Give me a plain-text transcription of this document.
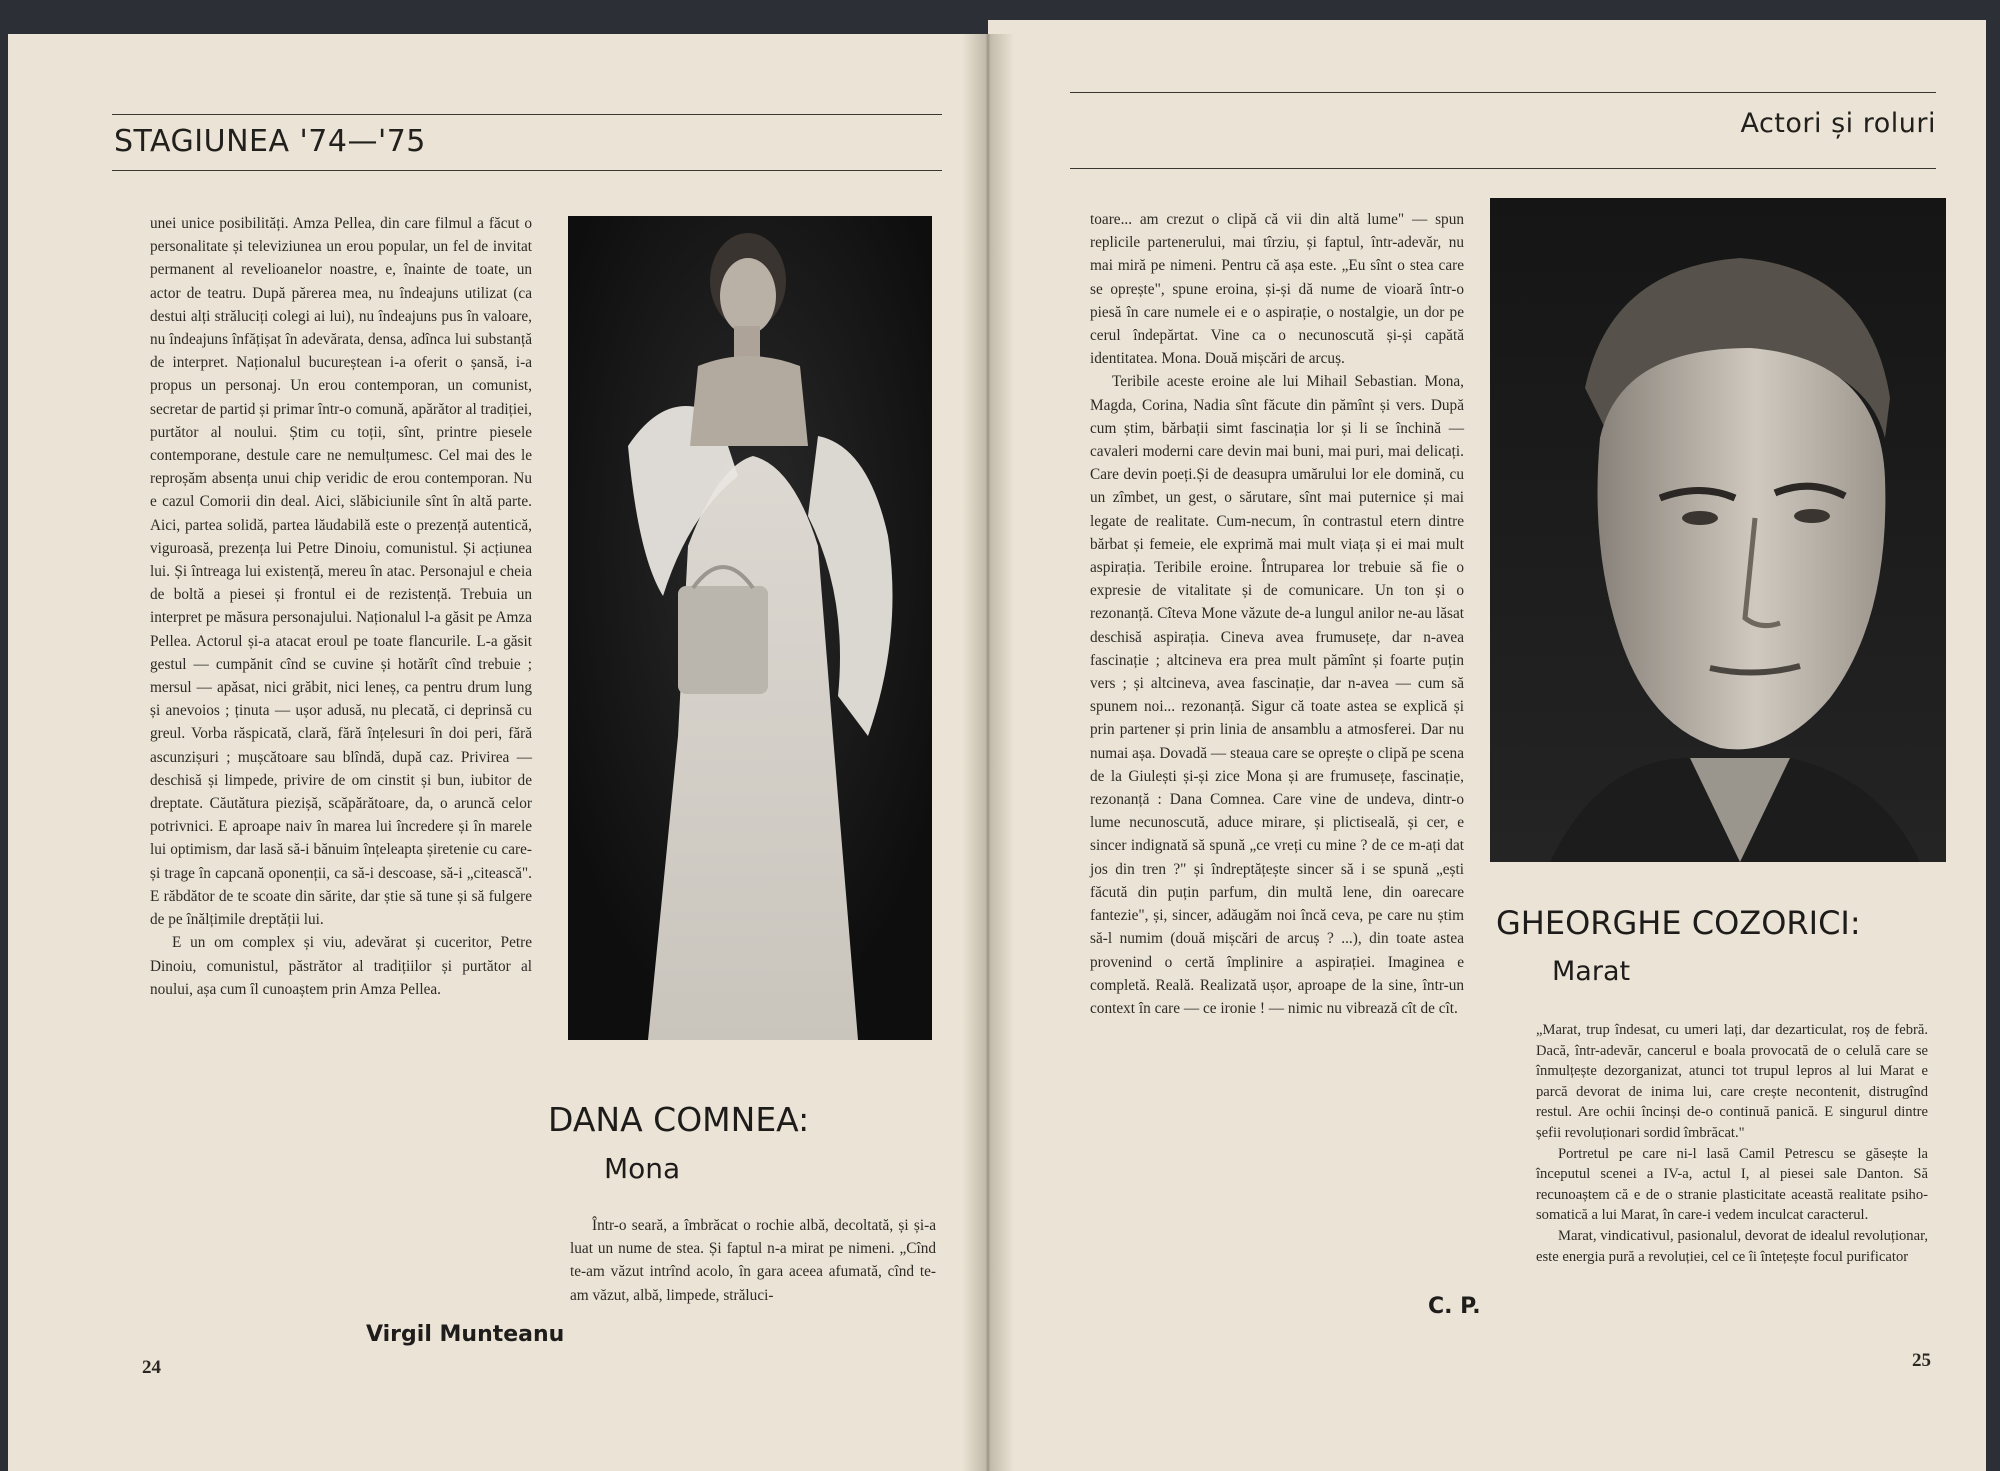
STAGIUNEA '74—'75

unei unice posibilități. Amza Pellea, din care filmul a făcut o personalitate și televiziunea un erou popular, un fel de invitat permanent al revelioanelor noastre, e, înainte de toate, un actor de teatru. După părerea mea, nu îndeajuns utilizat (ca destui alți străluciți colegi ai lui), nu îndeajuns pus în valoare, nu îndeajuns înfățișat în adevărata, densa, adînca lui substanță de interpret. Naționalul bucureștean i-a oferit o șansă, i-a propus un personaj. Un erou contemporan, un comunist, secretar de partid și primar într-o comună, apărător al tradiției, purtător al noului. Știm cu toții, sînt, printre piesele contemporane, destule care ne nemulțumesc. Cel mai des le reproșăm absența unui chip veridic de erou contemporan. Nu e cazul Comorii din deal. Aici, slăbiciunile sînt în altă parte. Aici, partea solidă, partea lăudabilă este o prezență autentică, viguroasă, prezența lui Petre Dinoiu, comunistul. Și acțiunea lui. Și întreaga lui existență, mereu în atac. Personajul e cheia de boltă a piesei și frontul ei de rezistență. Trebuia un interpret pe măsura personajului. Naționalul l-a găsit pe Amza Pellea. Actorul și-a atacat eroul pe toate flancurile. L-a găsit gestul — cumpănit cînd se cuvine și hotărît cînd trebuie ; mersul — apăsat, nici grăbit, nici leneș, ca pentru drum lung și anevoios ; ținuta — ușor adusă, nu plecată, ci deprinsă cu greul. Vorba răspicată, clară, fără înțelesuri în doi peri, fără ascunzișuri ; mușcătoare sau blîndă, după caz. Privirea — deschisă și limpede, privire de om cinstit și bun, iubitor de dreptate. Căutătura piezișă, scăpărătoare, da, o aruncă celor potrivnici. E aproape naiv în marea lui încredere și în marele lui optimism, dar lasă să-i bănuim înțeleapta șiretenie cu care-și trage în capcană oponenții, ca să-i descoase, să-i „citească". E răbdător de te scoate din sărite, dar știe să tune și să fulgere de pe înălțimile dreptății lui.

E un om complex și viu, adevărat și cuceritor, Petre Dinoiu, comunistul, păstrător al tradițiilor și purtător al noului, așa cum îl cunoaștem prin Amza Pellea.

Virgil Munteanu
DANA COMNEA:
Mona

Într-o seară, a îmbrăcat o rochie albă, decoltată, și și-a luat un nume de stea. Și faptul n-a mirat pe nimeni. „Cînd te-am văzut intrînd acolo, în gara aceea afumată, cînd te-am văzut, albă, limpede, străluci-

24
Actori și roluri

toare... am crezut o clipă că vii din altă lume" — spun replicile partenerului, mai tîrziu, și faptul, într-adevăr, nu mai miră pe nimeni. Pentru că așa este. „Eu sînt o stea care se oprește", spune eroina, și-și dă nume de vioară într-o piesă în care numele ei e o aspirație, o nostalgie, un dor pe cerul îndepărtat. Vine ca o necunoscută și-și capătă identitatea. Mona. Două mișcări de arcuș.

Teribile aceste eroine ale lui Mihail Sebastian. Mona, Magda, Corina, Nadia sînt făcute din pămînt și vers. După cum știm, bărbații simt fascinația lor și li se închină — cavaleri moderni care devin mai buni, mai puri, mai delicați. Care devin poeți.Și de deasupra umărului lor ele domină, cu un zîmbet, un gest, o sărutare, sînt mai puternice și mai legate de realitate. Cum-necum, în contrastul etern dintre bărbat și femeie, ele exprimă mai mult viața și ei mai mult aspirația. Teribile eroine. Întruparea lor trebuie să fie o expresie de vitalitate și de comunicare. Un ton și o rezonanță. Cîteva Mone văzute de-a lungul anilor ne-au lăsat deschisă aspirația. Cineva avea frumusețe, dar n-avea fascinație ; altcineva era prea mult pămînt și foarte puțin vers ; și altcineva, avea fascinație, dar n-avea — cum să spunem noi... rezonanță. Sigur că toate astea se explică și prin partener și prin linia de ansamblu a atmosferei. Dar nu numai așa. Dovadă — steaua care se oprește o clipă pe scena de la Giulești și-și zice Mona și are frumusețe, fascinație, rezonanță : Dana Comnea. Care vine de undeva, dintr-o lume necunoscută, aduce mirare, și plictiseală, și cer, e sincer indignată să spună „ce vreți cu mine ? de ce m-ați dat jos din tren ?" și îndreptățește sincer să i se spună „ești făcută din puțin parfum, din multă lene, din oarecare fantezie", și, sincer, adăugăm noi încă ceva, pe care nu știm să-l numim (două mișcări de arcuș ? ...), din toate astea provenind o certă împlinire a aspirației. Imaginea e completă. Reală. Realizată ușor, aproape de la sine, într-un context în care — ce ironie ! — nimic nu vibrează cît de cît.

C. P.
GHEORGHE COZORICI:
Marat

„Marat, trup îndesat, cu umeri lați, dar dezarticulat, roș de febră. Dacă, într-adevăr, cancerul e boala provocată de o celulă care se înmulțește dezorganizat, atunci tot trupul lepros al lui Marat e parcă devorat de inima lui, care crește necontenit, distrugînd restul. Are ochii încinși de-o continuă panică. E singurul dintre șefii revoluționari sordid îmbrăcat."

Portretul pe care ni-l lasă Camil Petrescu se găsește la începutul scenei a IV-a, actul I, al piesei sale Danton. Să recunoaștem că e de o stranie plasticitate această realitate psiho-somatică a lui Marat, în care-i vedem inculcat caracterul.

Marat, vindicativul, pasionalul, devorat de idealul revoluționar, este energia pură a revoluției, cel ce îi întețește focul purificator

25
